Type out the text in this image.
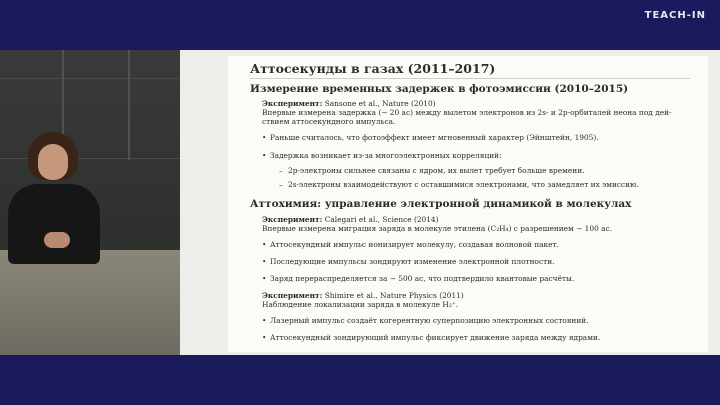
TEACH-IN
Аттосекунды в газах (2011–2017)
Измерение временных задержек в фотоэмиссии (2010–2015)
Эксперимент: Sansone et al., Nature (2010)
Впервые измерена задержка (∼ 20 ас) между вылетом электронов из 2s- и 2p-орбиталей неона под дей-
ствием аттосекундного импульса.
• Раньше считалось, что фотоэффект имеет мгновенный характер (Эйнштейн, 1905).
• Задержка возникает из-за многоэлектронных корреляций:
– 2p-электроны сильнее связаны с ядром, их вылет требует больше времени.
– 2s-электроны взаимодействуют с оставшимися электронами, что замедляет их эмиссию.
Аттохимия: управление электронной динамикой в молекулах
Эксперимент: Calegari et al., Science (2014)
Впервые измерена миграция заряда в молекуле этилена (C₂H₄) с разрешением ∼ 100 ас.
• Аттосекундный импульс ионизирует молекулу, создавая волновой пакет.
• Последующие импульсы зондируют изменение электронной плотности.
• Заряд перераспределяется за ∼ 500 ас, что подтвердило квантовые расчёты.
Эксперимент: Shimire et al., Nature Physics (2011)
Наблюдение локализации заряда в молекуле H₂⁺.
• Лазерный импульс создаёт когерентную суперпозицию электронных состояний.
• Аттосекундный зондирующий импульс фиксирует движение заряда между ядрами.
